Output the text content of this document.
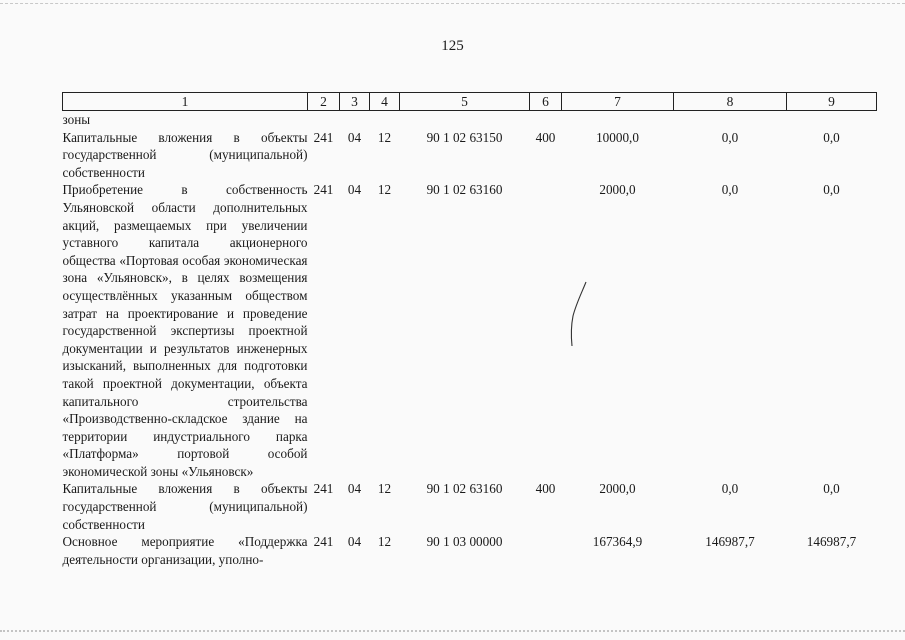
125
1	2	3	4	5	6	7	8	9
зоны								
Капитальные вложения в объекты государственной (муниципальной) собственности	241	04	12	90 1 02 63150	400	10000,0	0,0	0,0
Приобретение в собственность Ульяновской области дополнительных акций, размещаемых при увеличении уставного капитала акционерного общества «Портовая особая экономическая зона «Ульяновск», в целях возмещения осуществлённых указанным обществом затрат на проектирование и проведение государственной экспертизы проектной документации и результатов инженерных изысканий, выполненных для подготовки такой проектной документации, объекта капитального строительства «Производственно-складское здание на территории индустриального парка «Платформа» портовой особой экономической зоны «Ульяновск»	241	04	12	90 1 02 63160		2000,0	0,0	0,0
Капитальные вложения в объекты государственной (муниципальной) собственности	241	04	12	90 1 02 63160	400	2000,0	0,0	0,0
Основное мероприятие «Поддержка деятельности организации, уполно-	241	04	12	90 1 03 00000		167364,9	146987,7	146987,7
